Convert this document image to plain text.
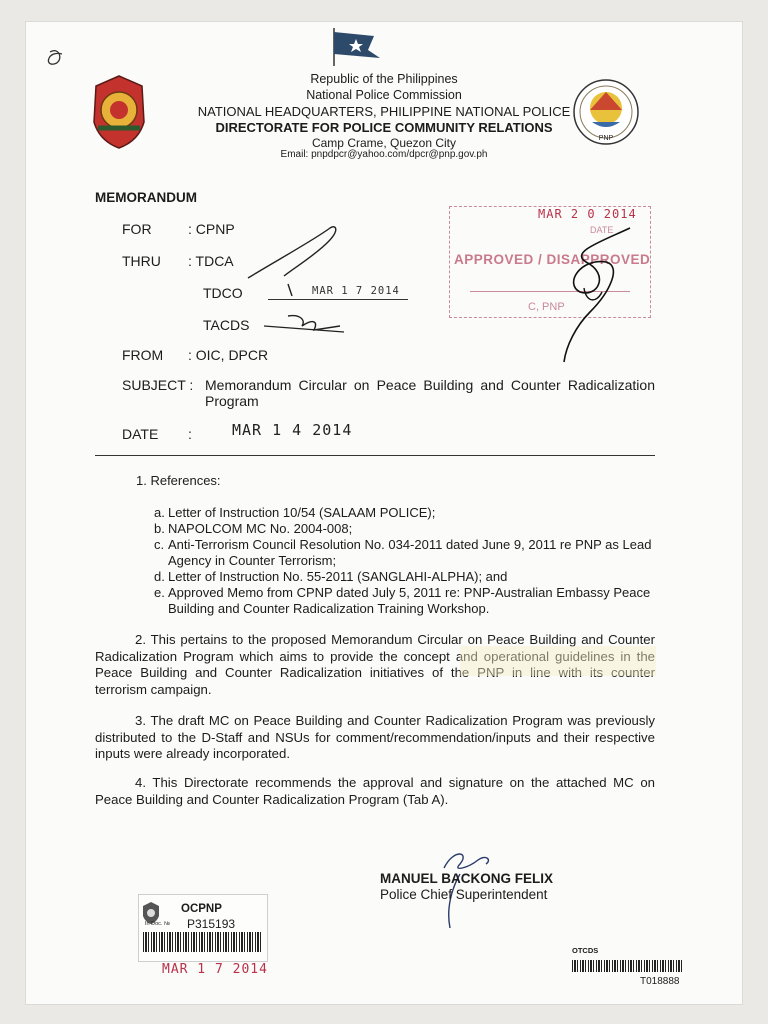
PNP
Republic of the Philippines
National Police Commission
NATIONAL HEADQUARTERS, PHILIPPINE NATIONAL POLICE
DIRECTORATE FOR POLICE COMMUNITY RELATIONS
Camp Crame, Quezon City
Email: pnpdpcr@yahoo.com/dpcr@pnp.gov.ph
MEMORANDUM
FOR	: CPNP
THRU : TDCA
TDCO	MAR 1 7 2014
TACDS
FROM : OIC, DPCR
SUBJECT : Memorandum Circular on Peace Building and Counter Radicalization Program
DATE :	MAR 1 4 2014
MAR 2 0 2014
DATE
APPROVED / DISAPPROVED
C, PNP
1. References:
a. Letter of Instruction 10/54 (SALAAM POLICE);
b. NAPOLCOM MC No. 2004-008;
c. Anti-Terrorism Council Resolution No. 034-2011 dated June 9, 2011 re PNP as Lead Agency in Counter Terrorism;
d. Letter of Instruction No. 55-2011 (SANGLAHI-ALPHA); and
e. Approved Memo from CPNP dated July 5, 2011 re: PNP-Australian Embassy Peace Building and Counter Radicalization Training Workshop.
2. This pertains to the proposed Memorandum Circular on Peace Building and Counter Radicalization Program which aims to provide the concept and operational guidelines in the Peace Building and Counter Radicalization initiatives of the PNP in line with its counter terrorism campaign.
3. The draft MC on Peace Building and Counter Radicalization Program was previously distributed to the D-Staff and NSUs for comment/recommendation/inputs and their respective inputs were already incorporated.
4. This Directorate recommends the approval and signature on the attached MC on Peace Building and Counter Radicalization Program (Tab A).
MANUEL BACKONG FELIX
Police Chief Superintendent
OCPNP
In Doc. № P315193
MAR 1 7 2014
OTCDS
T018888
